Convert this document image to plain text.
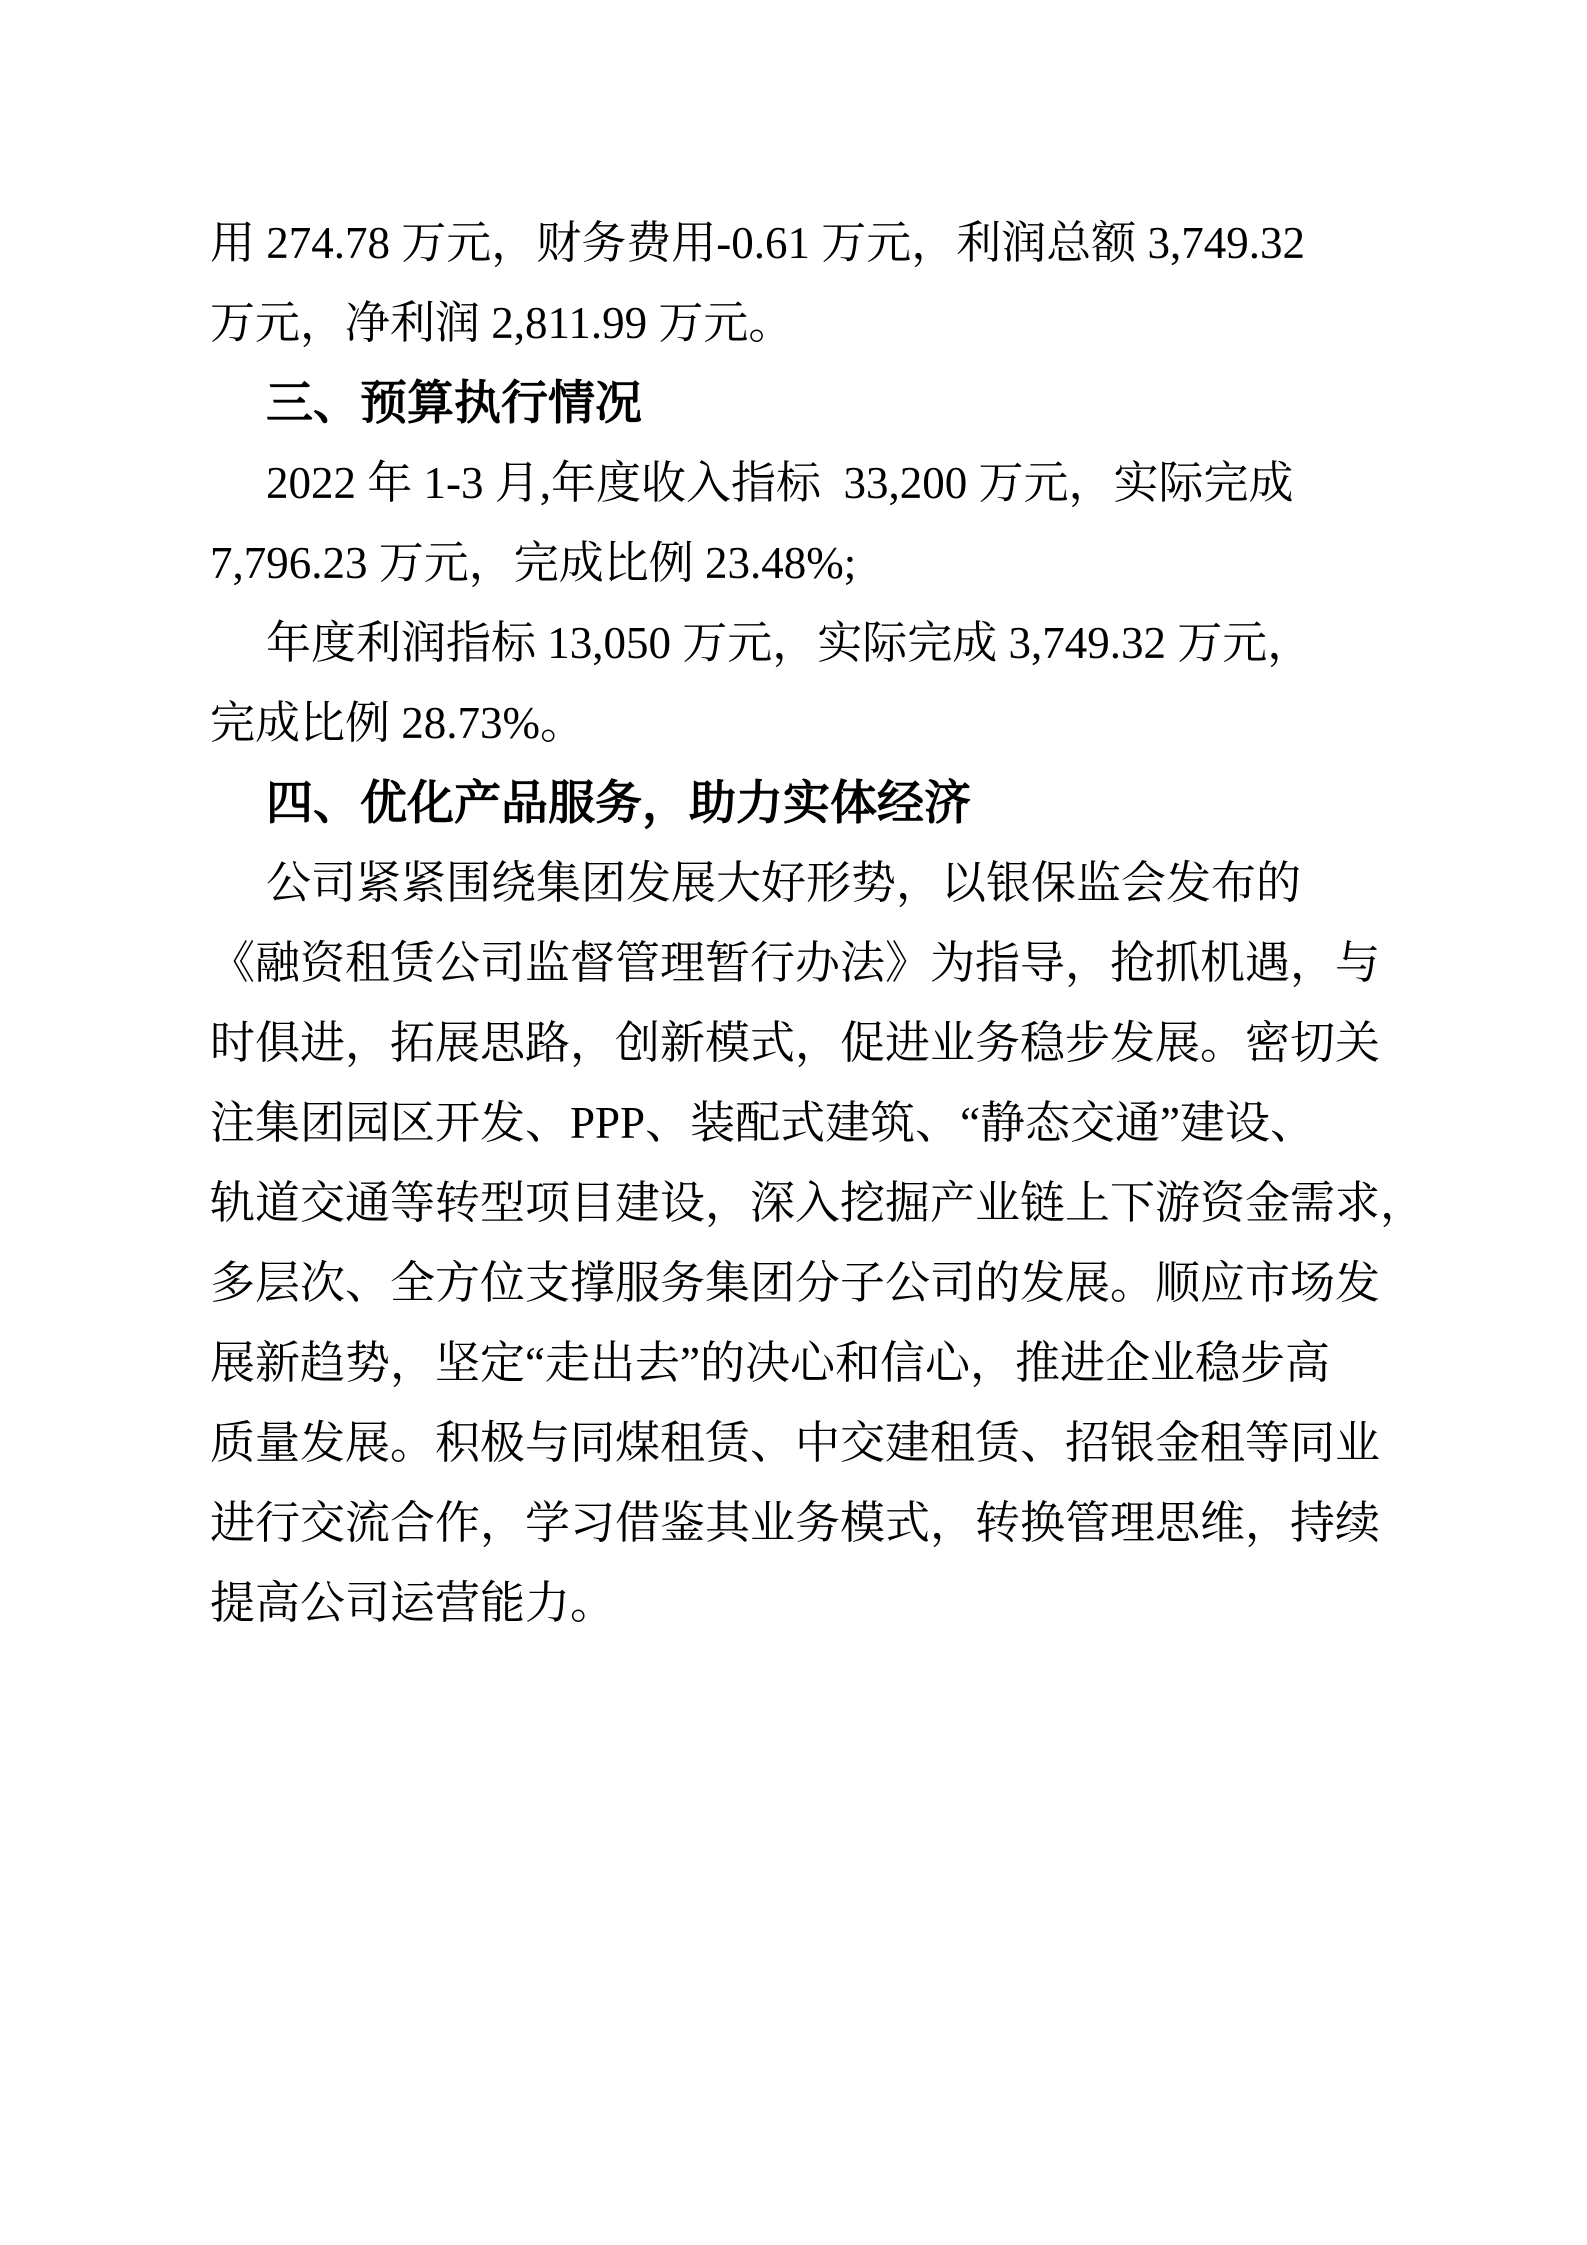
用 274.78 万元，财务费用-0.61 万元，利润总额 3,749.32
万元，净利润 2,811.99 万元。
三、预算执行情况
2022 年 1-3 月,年度收入指标  33,200 万元，实际完成
7,796.23 万元，完成比例 23.48%;
年度利润指标 13,050 万元，实际完成 3,749.32 万元，
完成比例 28.73%。
四、优化产品服务，助力实体经济
公司紧紧围绕集团发展大好形势，以银保监会发布的
《融资租赁公司监督管理暂行办法》为指导，抢抓机遇，与
时俱进，拓展思路，创新模式，促进业务稳步发展。密切关
注集团园区开发、PPP、装配式建筑、“静态交通”建设、
轨道交通等转型项目建设，深入挖掘产业链上下游资金需求，
多层次、全方位支撑服务集团分子公司的发展。顺应市场发
展新趋势，坚定“走出去”的决心和信心，推进企业稳步高
质量发展。积极与同煤租赁、中交建租赁、招银金租等同业
进行交流合作，学习借鉴其业务模式，转换管理思维，持续
提高公司运营能力。
